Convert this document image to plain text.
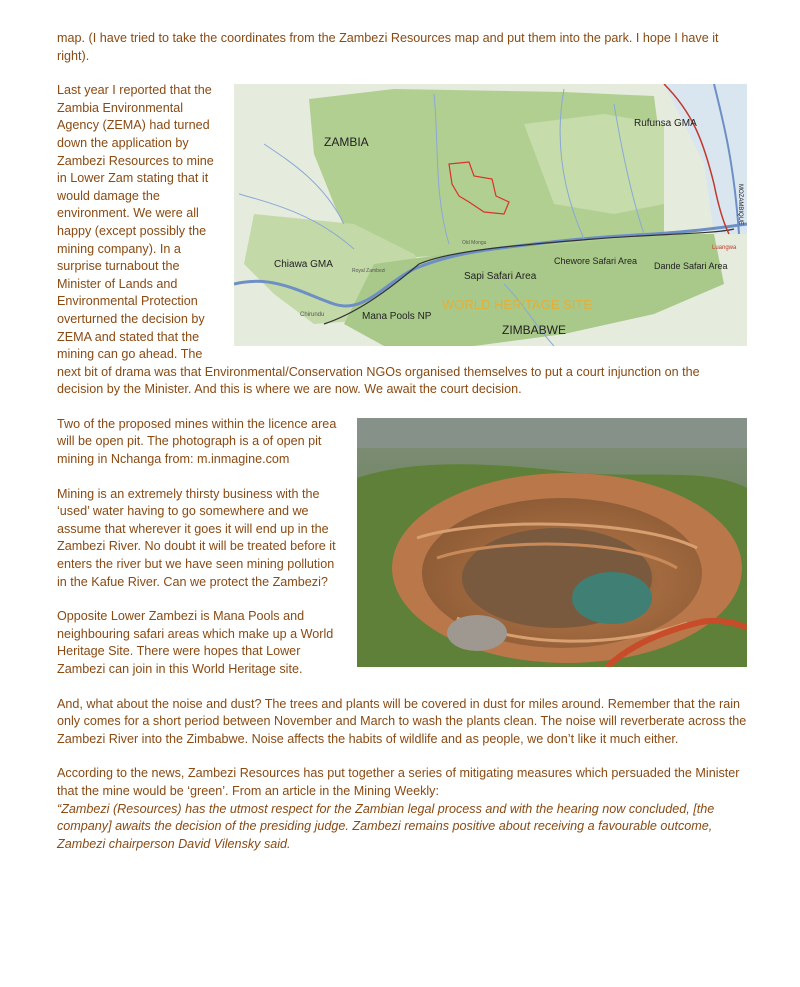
map. (I have tried to take the coordinates from the Zambezi Resources map and put them into the park. I hope I have it right).

ZAMBIA
Rufunsa GMA
MOZAMBIQUE
Chiawa GMA
Sapi Safari Area
Chewore Safari Area Dande Safari Area
WORLD HERITAGE SITE
Mana Pools NP
ZIMBABWE
Luangwa
Chirundu
Royal Zambezi
Old Mongu

Last year I reported that the Zambia Environmental Agency (ZEMA) had turned down the application by Zambezi Resources to mine in Lower Zam stating that it would damage the environment. We were all happy (except possibly the mining company). In a surprise turnabout the Minister of Lands and Environmental Protection overturned the decision by ZEMA and stated that the mining can go ahead. The next bit of drama was that Environmental/Conservation NGOs organised themselves to put a court injunction on the decision by the Minister. And this is where we are now. We await the court decision.

Two of the proposed mines within the licence area will be open pit. The photograph is a of open pit mining in Nchanga from: m.inmagine.com

Mining is an extremely thirsty business with the ‘used’ water having to go somewhere and we assume that wherever it goes it will end up in the Zambezi River. No doubt it will be treated before it enters the river but we have seen mining pollution in the Kafue River. Can we protect the Zambezi?

Opposite Lower Zambezi is Mana Pools and neighbouring safari areas which make up a World Heritage Site. There were hopes that Lower Zambezi can join in this World Heritage site.

And, what about the noise and dust? The trees and plants will be covered in dust for miles around. Remember that the rain only comes for a short period between November and March to wash the plants clean. The noise will reverberate across the Zambezi River into the Zimbabwe. Noise affects the habits of wildlife and as people, we don’t like it much either.

According to the news, Zambezi Resources has put together a series of mitigating measures which persuaded the Minister that the mine would be ‘green’. From an article in the Mining Weekly:

“Zambezi (Resources) has the utmost respect for the Zambian legal process and with the hearing now concluded, [the company] awaits the decision of the presiding judge. Zambezi remains positive about receiving a favourable outcome, Zambezi chairperson David Vilensky said.
